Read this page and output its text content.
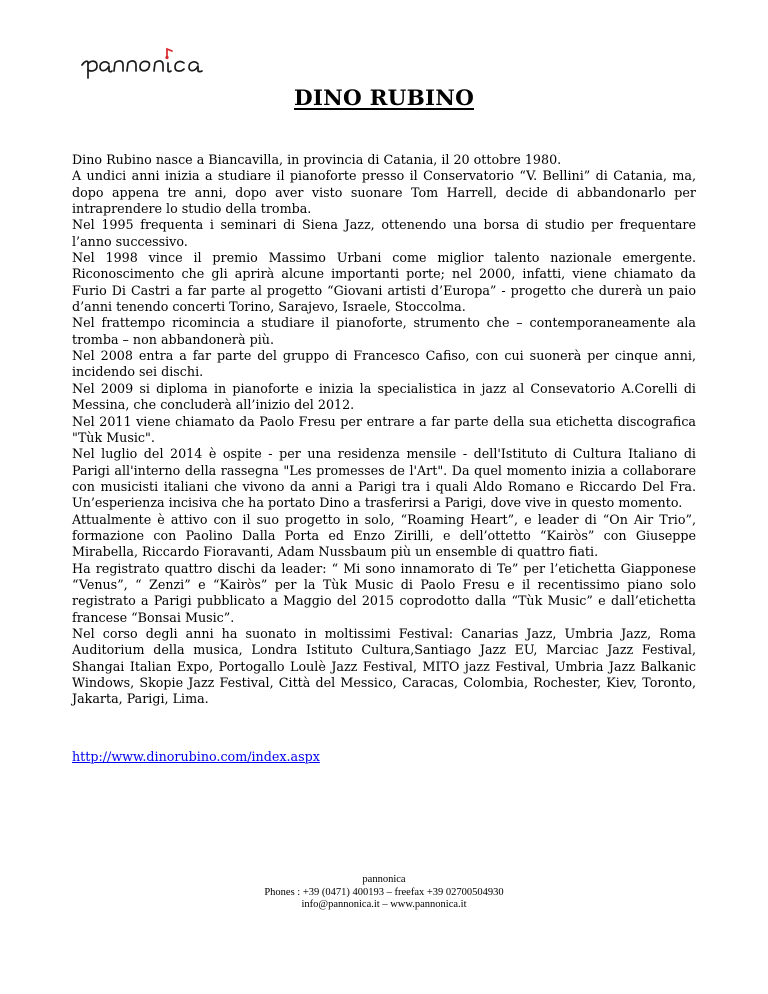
DINO RUBINO

Dino Rubino nasce a Biancavilla, in provincia di Catania, il 20 ottobre 1980.

A undici anni inizia a studiare il pianoforte presso il Conservatorio “V. Bellini” di Catania, ma, dopo appena tre anni, dopo aver visto suonare Tom Harrell, decide di abbandonarlo per intraprendere lo studio della tromba.

Nel 1995 frequenta i seminari di Siena Jazz, ottenendo una borsa di studio per frequentare l’anno successivo.

Nel 1998 vince il premio Massimo Urbani come miglior talento nazionale emergente. Riconoscimento che gli aprirà alcune importanti porte; nel 2000, infatti, viene chiamato da Furio Di Castri a far parte al progetto “Giovani artisti d’Europa” - progetto che durerà un paio d’anni tenendo concerti Torino, Sarajevo, Israele, Stoccolma.

Nel frattempo ricomincia a studiare il pianoforte, strumento che – contemporaneamente ala tromba – non abbandonerà più.

Nel 2008 entra a far parte del gruppo di Francesco Cafiso, con cui suonerà per cinque anni, incidendo sei dischi.

Nel 2009 si diploma in pianoforte e inizia la specialistica in jazz al Consevatorio A.Corelli di Messina, che concluderà all’inizio del 2012.

Nel 2011 viene chiamato da Paolo Fresu per entrare a far parte della sua etichetta discografica "Tùk Music".

Nel luglio del 2014 è ospite - per una residenza mensile - dell'Istituto di Cultura Italiano di Parigi all'interno della rassegna "Les promesses de l'Art". Da quel momento inizia a collaborare con musicisti italiani che vivono da anni a Parigi tra i quali Aldo Romano e Riccardo Del Fra. Un’esperienza incisiva che ha portato Dino a trasferirsi a Parigi, dove vive in questo momento.

Attualmente è attivo con il suo progetto in solo, “Roaming Heart”, e leader di “On Air Trio”, formazione con Paolino Dalla Porta ed Enzo Zirilli, e dell’ottetto “Kairòs” con Giuseppe Mirabella, Riccardo Fioravanti, Adam Nussbaum più un ensemble di quattro fiati.

Ha registrato quattro dischi da leader: “ Mi sono innamorato di Te” per l’etichetta Giapponese “Venus”, “ Zenzi” e “Kairòs” per la Tùk Music di Paolo Fresu e il recentissimo piano solo registrato a Parigi pubblicato a Maggio del 2015 coprodotto dalla “Tùk Music” e dall’etichetta francese “Bonsai Music”.

Nel corso degli anni ha suonato in moltissimi Festival: Canarias Jazz, Umbria Jazz, Roma Auditorium della musica, Londra Istituto Cultura,Santiago Jazz EU, Marciac Jazz Festival, Shangai Italian Expo, Portogallo Loulè Jazz Festival, MITO jazz Festival, Umbria Jazz Balkanic Windows, Skopie Jazz Festival, Città del Messico, Caracas, Colombia, Rochester, Kiev, Toronto, Jakarta, Parigi, Lima.

http://www.dinorubino.com/index.aspx
pannonica
Phones : +39 (0471) 400193 – freefax +39 02700504930
info@pannonica.it – www.pannonica.it
